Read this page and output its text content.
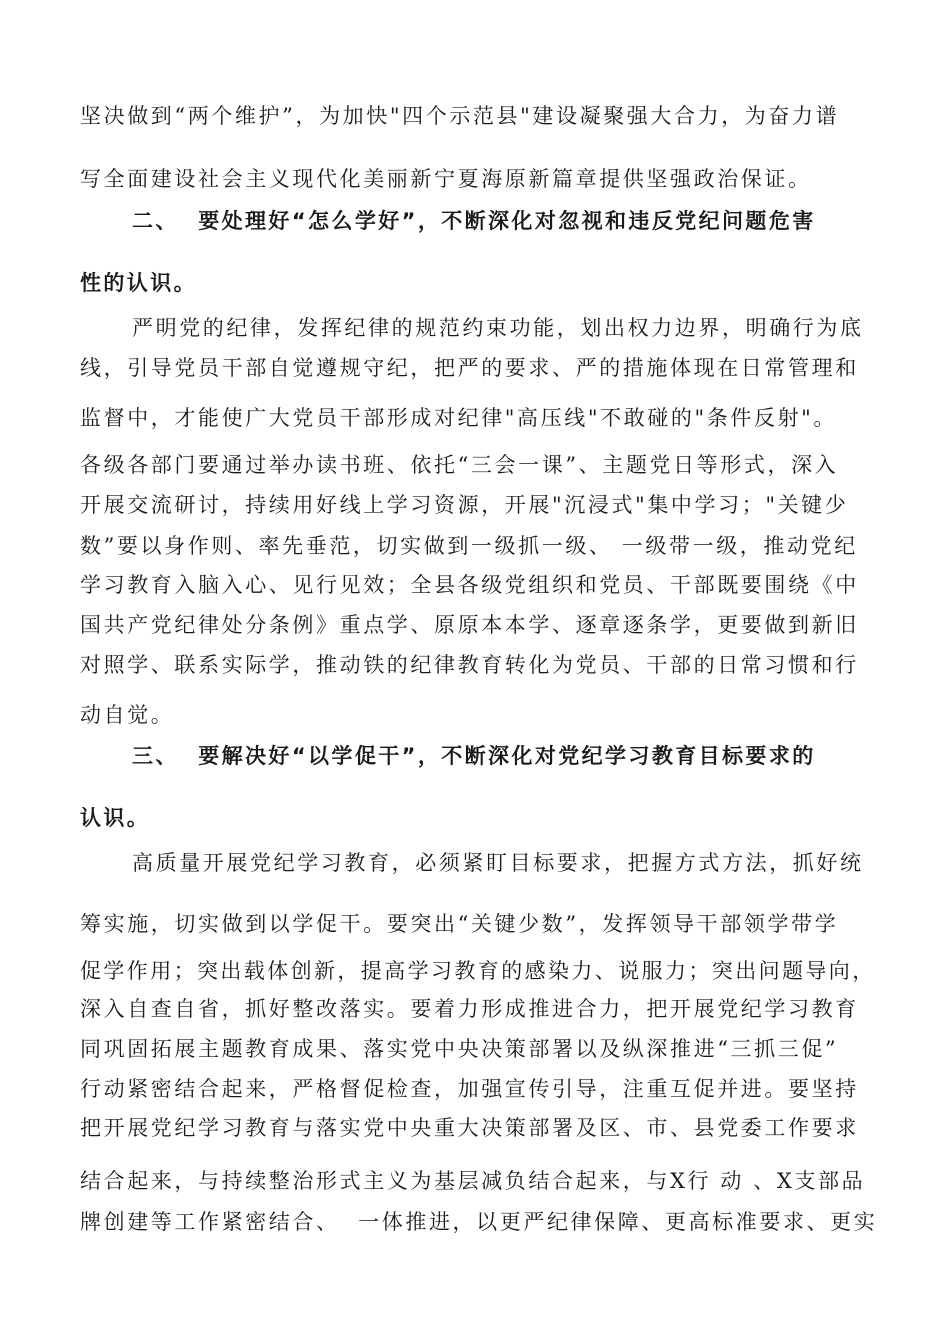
坚决做到“两个维护”，为加快"四个示范县"建设凝聚强大合力，为奋力谱
写全面建设社会主义现代化美丽新宁夏海原新篇章提供坚强政治保证。
二、  要处理好“怎么学好”，不断深化对忽视和违反党纪问题危害
性的认识。
严明党的纪律，发挥纪律的规范约束功能，划出权力边界，明确行为底
线，引导党员干部自觉遵规守纪，把严的要求、严的措施体现在日常管理和
监督中，才能使广大党员干部形成对纪律"高压线"不敢碰的"条件反射"。
各级各部门要通过举办读书班、依托“三会一课”、主题党日等形式，深入
开展交流研讨，持续用好线上学习资源，开展"沉浸式"集中学习；"关键少
数”要以身作则、率先垂范，切实做到一级抓一级、 一级带一级，推动党纪
学习教育入脑入心、见行见效；全县各级党组织和党员、干部既要围绕《中
国共产党纪律处分条例》重点学、原原本本学、逐章逐条学，更要做到新旧
对照学、联系实际学，推动铁的纪律教育转化为党员、干部的日常习惯和行
动自觉。
三、  要解决好“以学促干”，不断深化对党纪学习教育目标要求的
认识。
高质量开展党纪学习教育，必须紧盯目标要求，把握方式方法，抓好统
筹实施，切实做到以学促干。要突出“关键少数”，发挥领导干部领学带学
促学作用；突出载体创新，提高学习教育的感染力、说服力；突出问题导向，
深入自查自省，抓好整改落实。要着力形成推进合力，把开展党纪学习教育
同巩固拓展主题教育成果、落实党中央决策部署以及纵深推进“三抓三促”
行动紧密结合起来，严格督促检查，加强宣传引导，注重互促并进。要坚持
把开展党纪学习教育与落实党中央重大决策部署及区、市、县党委工作要求
结合起来，与持续整治形式主义为基层减负结合起来，与X行 动 、X支部品
牌创建等工作紧密结合、  一体推进，以更严纪律保障、更高标准要求、更实
